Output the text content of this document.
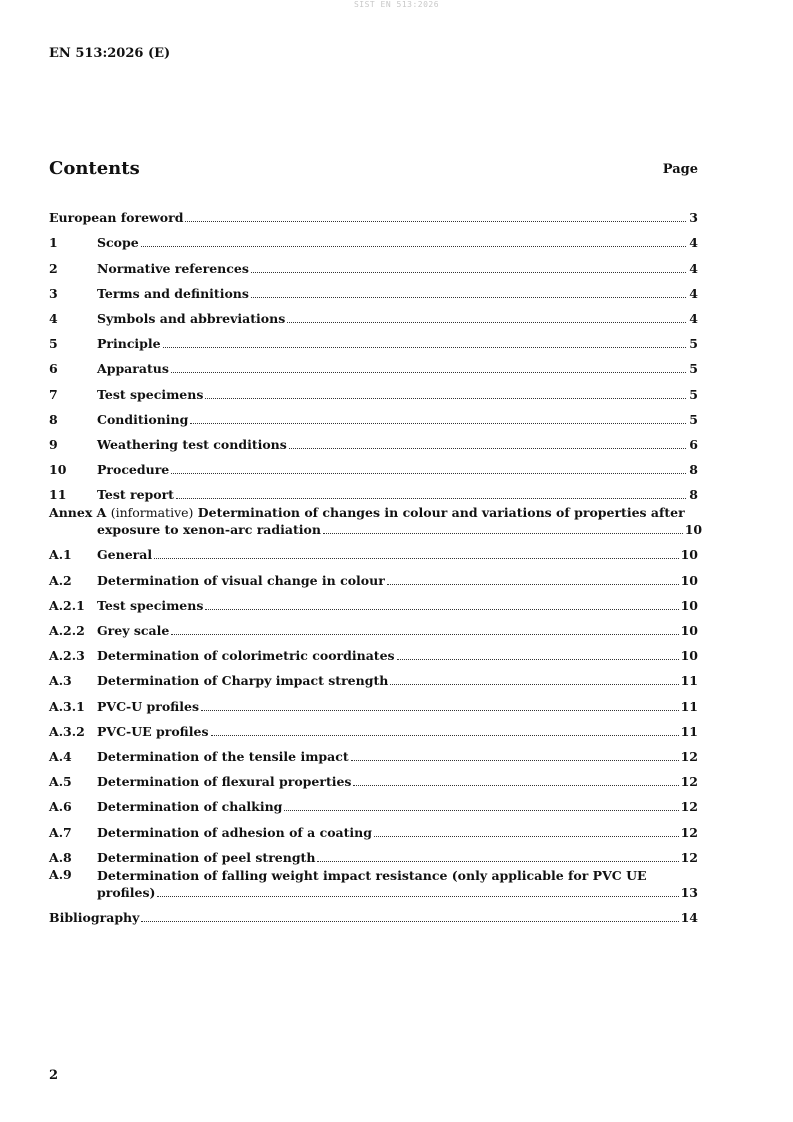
SIST EN 513:2026
EN 513:2026 (E)
Contents	Page
European foreword	3
1	Scope	4
2	Normative references	4
3	Terms and definitions	4
4	Symbols and abbreviations	4
5	Principle	5
6	Apparatus	5
7	Test specimens	5
8	Conditioning	5
9	Weathering test conditions	6
10	Procedure	8
11	Test report	8
Annex A (informative) Determination of changes in colour and variations of properties after
exposure to xenon-arc radiation	10
A.1	General	10
A.2	Determination of visual change in colour	10
A.2.1 Test specimens	10
A.2.2 Grey scale	10
A.2.3 Determination of colorimetric coordinates	10
A.3	Determination of Charpy impact strength	11
A.3.1 PVC-U profiles	11
A.3.2 PVC-UE profiles	11
A.4	Determination of the tensile impact	12
A.5	Determination of flexural properties	12
A.6	Determination of chalking	12
A.7	Determination of adhesion of a coating	12
A.8	Determination of peel strength	12
A.9	Determination of falling weight impact resistance (only applicable for PVC UE
profiles)	13
Bibliography	14
2
